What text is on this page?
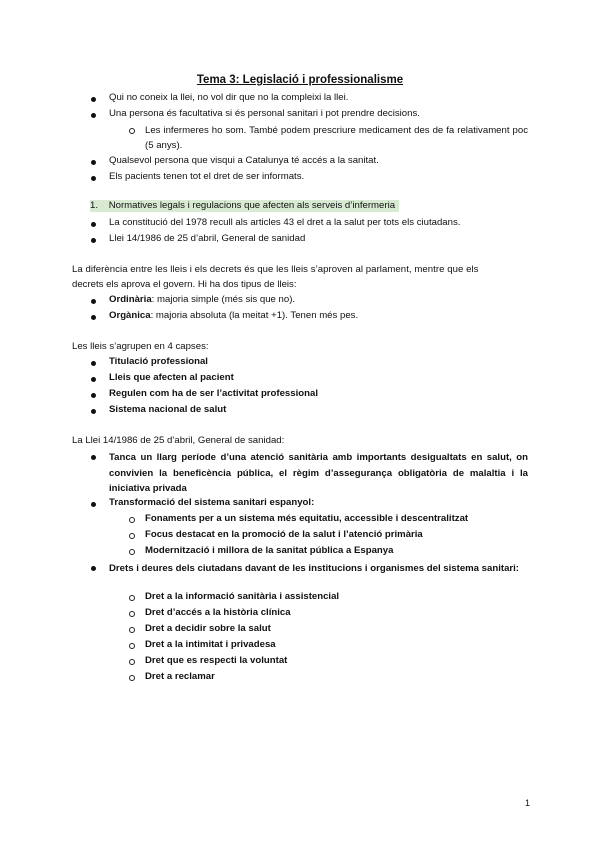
Tema 3: Legislació i professionalisme
Qui no coneix la llei, no vol dir que no la compleixi la llei.
Una persona és facultativa si és personal sanitari i pot prendre decisions.
Les infermeres ho som. També podem prescriure medicament des de fa relativament poc (5 anys).
Qualsevol persona que visqui a Catalunya té accés a la sanitat.
Els pacients tenen tot el dret de ser informats.
1. Normatives legals i regulacions que afecten als serveis d’infermeria
La constitució del 1978 recull als articles 43 el dret a la salut per tots els ciutadans.
Llei 14/1986 de 25 d’abril, General de sanidad
La diferència entre les lleis i els decrets és que les lleis s’aproven al parlament, mentre que els
decrets els aprova el govern. Hi ha dos tipus de lleis:
Ordinària: majoria simple (més sis que no).
Orgànica: majoria absoluta (la meitat +1). Tenen més pes.
Les lleis s’agrupen en 4 capses:
Titulació professional
Lleis que afecten al pacient
Regulen com ha de ser l’activitat professional
Sistema nacional de salut
La Llei 14/1986 de 25 d’abril, General de sanidad:
Tanca un llarg període d’una atenció sanitària amb importants desigualtats en salut, on convivien la beneficència pública, el règim d’assegurança obligatòria de malaltia i la iniciativa privada
Transformació del sistema sanitari espanyol:
Fonaments per a un sistema més equitatiu, accessible i descentralitzat
Focus destacat en la promoció de la salut i l’atenció primària
Modernització i millora de la sanitat pública a Espanya
Drets i deures dels ciutadans davant de les institucions i organismes del sistema sanitari:
Dret a la informació sanitària i assistencial
Dret d’accés a la història clínica
Dret a decidir sobre la salut
Dret a la intimitat i privadesa
Dret que es respecti la voluntat
Dret a reclamar
1
